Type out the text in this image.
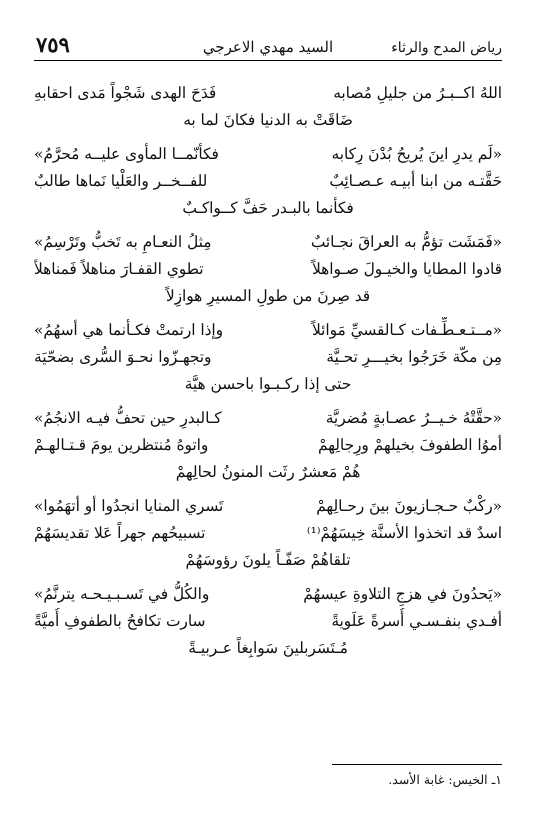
رياض المدح والرثاء
السيد مهدي الاعرجي
٧٥٩
اللهُ اكــبـرُ من جليلِ مُصابه
فَدَحَ الهدى شَجْواً مَدى احقابهِ
ضَاقَتْ به الدنيا فكانَ لما به
«لَم يدرِ اينَ يُريحُ بُدْنَ رِكابه
فكأنّمــا المأوى عليــه مُحرَّمُ»
حَقَّتـه من ابنا أبيـه عـصـائِبٌ
للفــخــر والعَلْيا نَماها طالبٌ
فكأنما بالبـدر حَفَّ كــواكـبٌ
«فَمَشَت تؤمُّ به العراقَ نجـائبٌ
مِثلُ النعـامِ به تَخبُّ وتَرْسِمُ»
قادوا المطايا والخيـولَ صـواهلاً
تطوي القفـارَ مناهلاً فَمناهلاً
قد صِرنَ من طولِ المسيرِ هوازِلاً
«مــتـعـطِّـفات كـالقسيِّ مَوائلاً
وإذا ارتمتْ فكـأنما هي أسهُمُ»
مِن مكّة خَرَجُوا بخيـــرِ تحـيَّة
وتجهـزّوا نحـوَ السُّرى بضحّيَة
حتى إذا ركـبـوا باحسن هيَّة
«حقَّتْهُ خـيــرُ عصـابةٍ مُضريَّة
كـالبدرِ حين تحفُّ فيـه الانجُمُ»
أموُا الطفوفَ بخيلهمْ ورِجالِهمْ
واتوهُ مُنتظرين يومَ قـتـالهـمْ
هُمْ مَعشرٌ رثَت المنونُ لحالِهمْ
«ركْبٌ حـجـازيونَ بينَ رحـالِهمْ
تَسري المنايا انجدُوا أو أتهَمُوا»
اسدٌ قد اتخذوا الأسنَّة خِيسَهُمْ⁽¹⁾
تسبيحُهم جهراً عَلا تقديسَهُمْ
تلقاهُمْ صَفّـاً يلونَ رؤوسَهُمْ
«يَحدُونَ في هزجِ التلاوةِ عيسهُمْ
والكُلُّ في تَسـبـيـحـه يترنَّمُ»
أفـدي بنفـسـي أُسرةً عَلَويةً
سارت تكافحُ بالطفوفِ أُميَّةً
مُـتَسَربلينَ سَوابِغاً عـربيـةً
١ـ الخيس: غابة الأسد.
